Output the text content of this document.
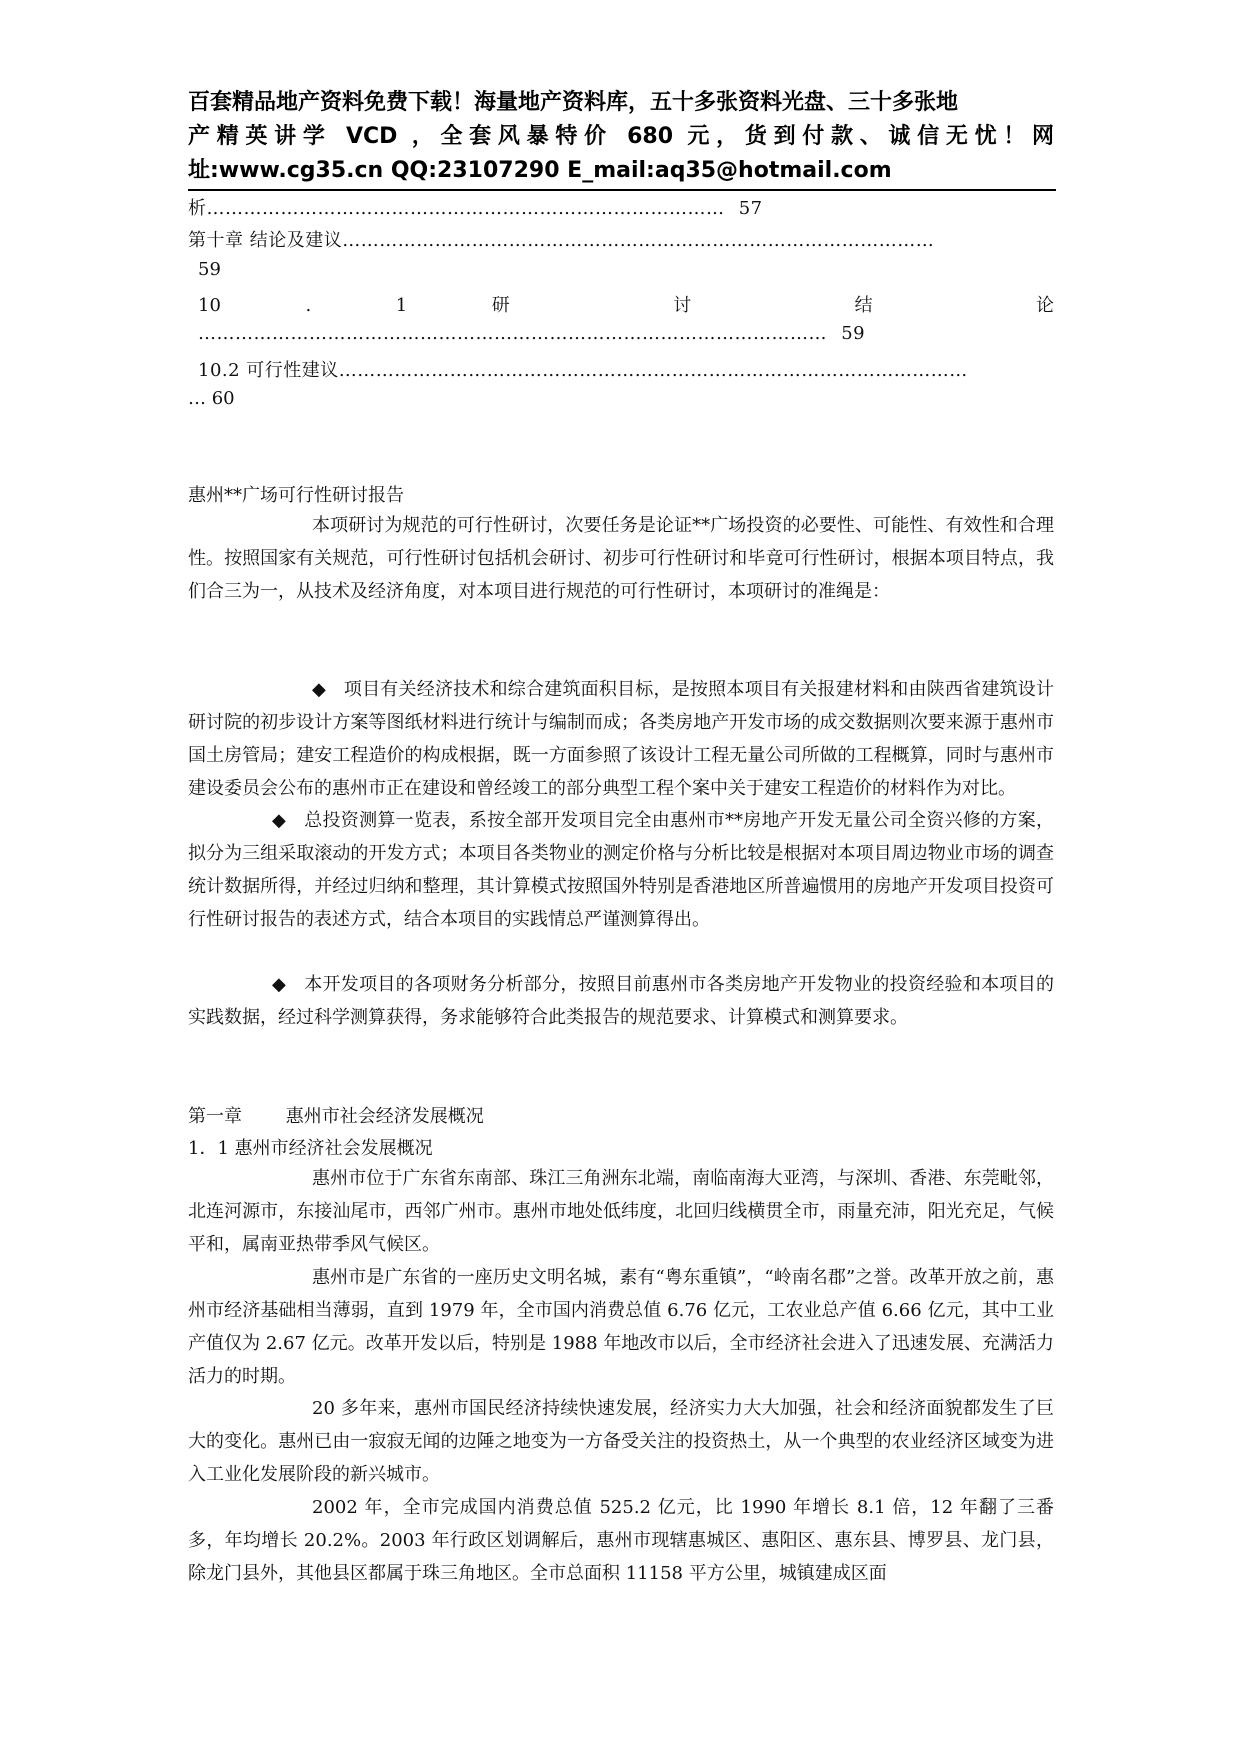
百套精品地产资料免费下载！海量地产资料库，五十多张资料光盘、三十多张地
产精英讲学 VCD ，全套风暴特价 680 元，货到付款、诚信无忧！网
址:www.cg35.cn QQ:23107290 E_mail:aq35@hotmail.com
析………………………………………………………………………… 57
第十章 结论及建议……………………………………………………………………………………
59
10	.	1	研	讨	结	论
………………………………………………………………………………………… 59
10.2 可行性建议…………………………………………………………………………………………
… 60
惠州**广场可行性研讨报告
本项研讨为规范的可行性研讨，次要任务是论证**广场投资的必要性、可能性、有效性和合理性。按照国家有关规范，可行性研讨包括机会研讨、初步可行性研讨和毕竟可行性研讨，根据本项目特点，我们合三为一，从技术及经济角度，对本项目进行规范的可行性研讨，本项研讨的准绳是：
◆ 项目有关经济技术和综合建筑面积目标，是按照本项目有关报建材料和由陕西省建筑设计研讨院的初步设计方案等图纸材料进行统计与编制而成；各类房地产开发市场的成交数据则次要来源于惠州市国土房管局；建安工程造价的构成根据，既一方面参照了该设计工程无量公司所做的工程概算，同时与惠州市建设委员会公布的惠州市正在建设和曾经竣工的部分典型工程个案中关于建安工程造价的材料作为对比。
◆ 总投资测算一览表，系按全部开发项目完全由惠州市**房地产开发无量公司全资兴修的方案，拟分为三组采取滚动的开发方式；本项目各类物业的测定价格与分析比较是根据对本项目周边物业市场的调查统计数据所得，并经过归纳和整理，其计算模式按照国外特别是香港地区所普遍惯用的房地产开发项目投资可行性研讨报告的表述方式，结合本项目的实践情总严谨测算得出。
◆ 本开发项目的各项财务分析部分，按照目前惠州市各类房地产开发物业的投资经验和本项目的实践数据，经过科学测算获得，务求能够符合此类报告的规范要求、计算模式和测算要求。
第一章 惠州市社会经济发展概况
1．1 惠州市经济社会发展概况
惠州市位于广东省东南部、珠江三角洲东北端，南临南海大亚湾，与深圳、香港、东莞毗邻，北连河源市，东接汕尾市，西邻广州市。惠州市地处低纬度，北回归线横贯全市，雨量充沛，阳光充足，气候平和，属南亚热带季风气候区。
惠州市是广东省的一座历史文明名城，素有“粤东重镇”，“岭南名郡”之誉。改革开放之前，惠州市经济基础相当薄弱，直到 1979 年，全市国内消费总值 6.76 亿元，工农业总产值 6.66 亿元，其中工业产值仅为 2.67 亿元。改革开发以后，特别是 1988 年地改市以后，全市经济社会进入了迅速发展、充满活力活力的时期。
20 多年来，惠州市国民经济持续快速发展，经济实力大大加强，社会和经济面貌都发生了巨大的变化。惠州已由一寂寂无闻的边陲之地变为一方备受关注的投资热土，从一个典型的农业经济区域变为进入工业化发展阶段的新兴城市。
2002 年，全市完成国内消费总值 525.2 亿元，比 1990 年增长 8.1 倍，12 年翻了三番多，年均增长 20.2%。2003 年行政区划调解后，惠州市现辖惠城区、惠阳区、惠东县、博罗县、龙门县，除龙门县外，其他县区都属于珠三角地区。全市总面积 11158 平方公里，城镇建成区面
